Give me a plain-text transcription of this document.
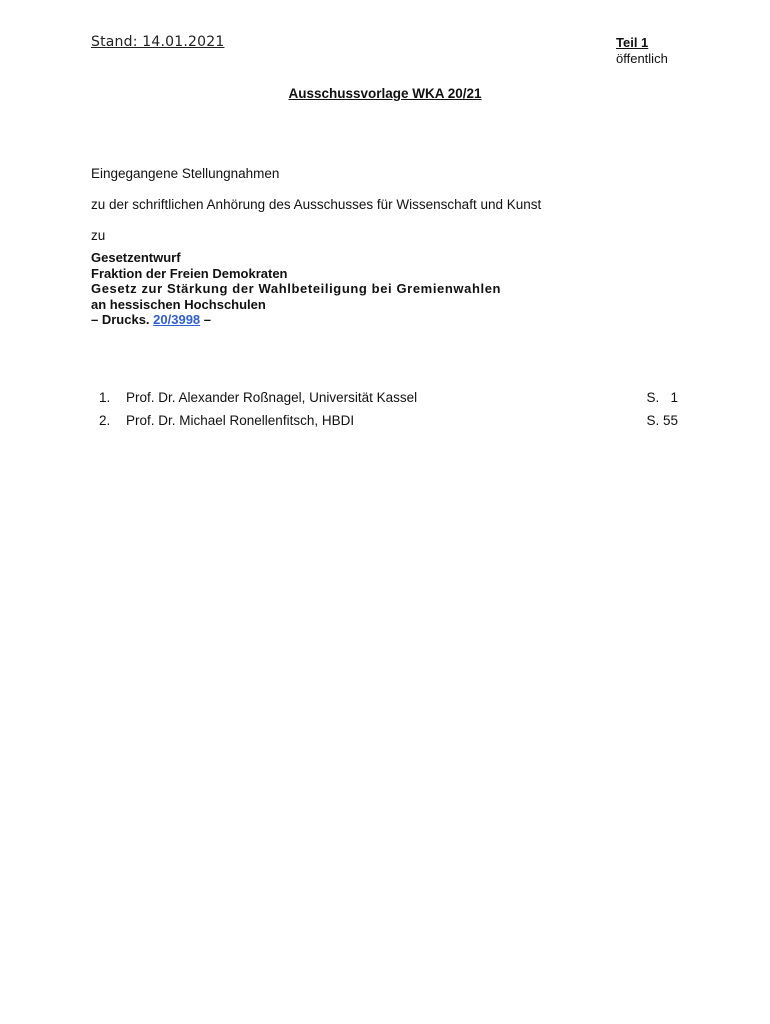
Stand: 14.01.2021	Teil 1
öffentlich
Ausschussvorlage WKA 20/21
Eingegangene Stellungnahmen
zu der schriftlichen Anhörung des Ausschusses für Wissenschaft und Kunst
zu
Gesetzentwurf
Fraktion der Freien Demokraten
Gesetz zur Stärkung der Wahlbeteiligung bei Gremienwahlen
an hessischen Hochschulen
– Drucks. 20/3998 –
1. Prof. Dr. Alexander Roßnagel, Universität Kassel	S.   1
2. Prof. Dr. Michael Ronellenfitsch, HBDI	S. 55
